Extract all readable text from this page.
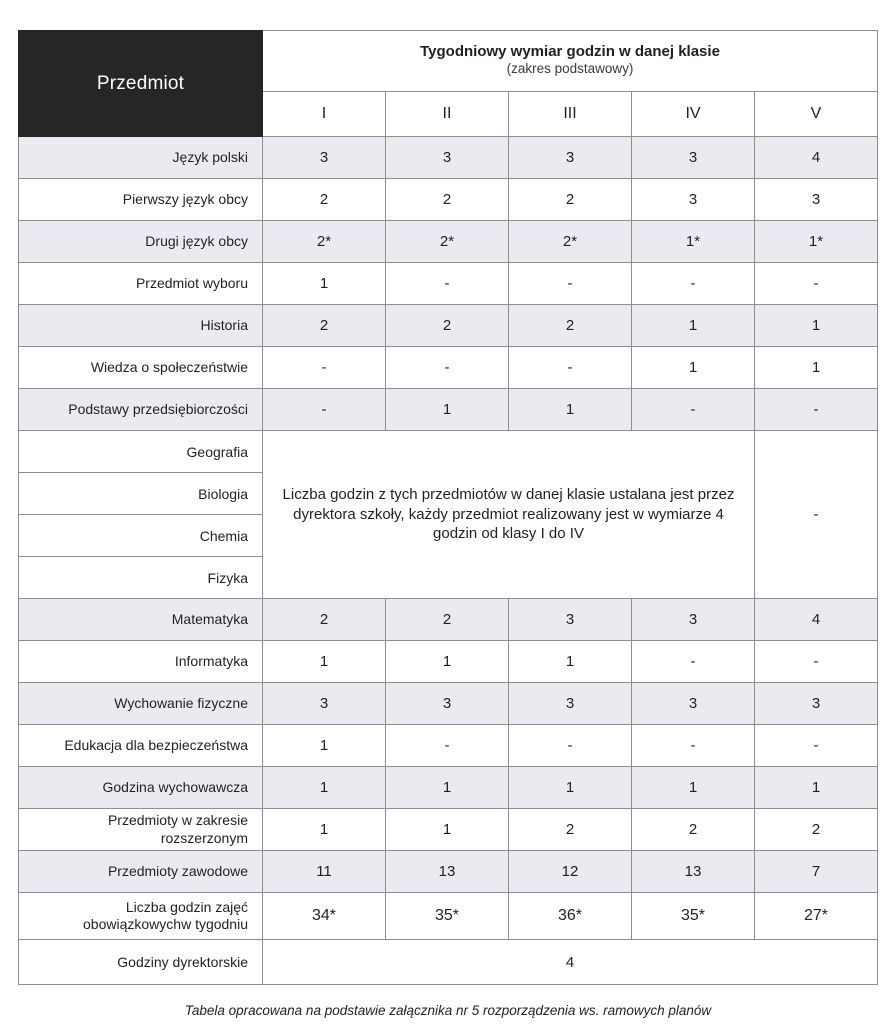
Przedmiot	Tygodniowy wymiar godzin w danej klasie
(zakres podstawowy)				

	I	II	III	IV	V
Język polski	3	3	3	3	4
Pierwszy język obcy	2	2	2	3	3
Drugi język obcy	2*	2*	2*	1*	1*
Przedmiot wyboru	1	-	-	-	-
Historia	2	2	2	1	1
Wiedza o społeczeństwie	-	-	-	1	1
Podstawy przedsiębiorczości	-	1	1	-	-
Geografia	Liczba godzin z tych przedmiotów w danej klasie ustalana jest przez dyrektora szkoły, każdy przedmiot realizowany jest w wymiarze 4 godzin od klasy I do IV				-
Biologia					
Chemia					
Fizyka					
Matematyka	2	2	3	3	4
Informatyka	1	1	1	-	-
Wychowanie fizyczne	3	3	3	3	3
Edukacja dla bezpieczeństwa	1	-	-	-	-
Godzina wychowawcza	1	1	1	1	1
Przedmioty w zakresie rozszerzonym	1	1	2	2	2
Przedmioty zawodowe	11	13	12	13	7
Liczba godzin zajęć
obowiązkowychw tygodniu	34*	35*	36*	35*	27*
Godziny dyrektorskie	4				
Tabela opracowana na podstawie załącznika nr 5 rozporządzenia ws. ramowych planów
